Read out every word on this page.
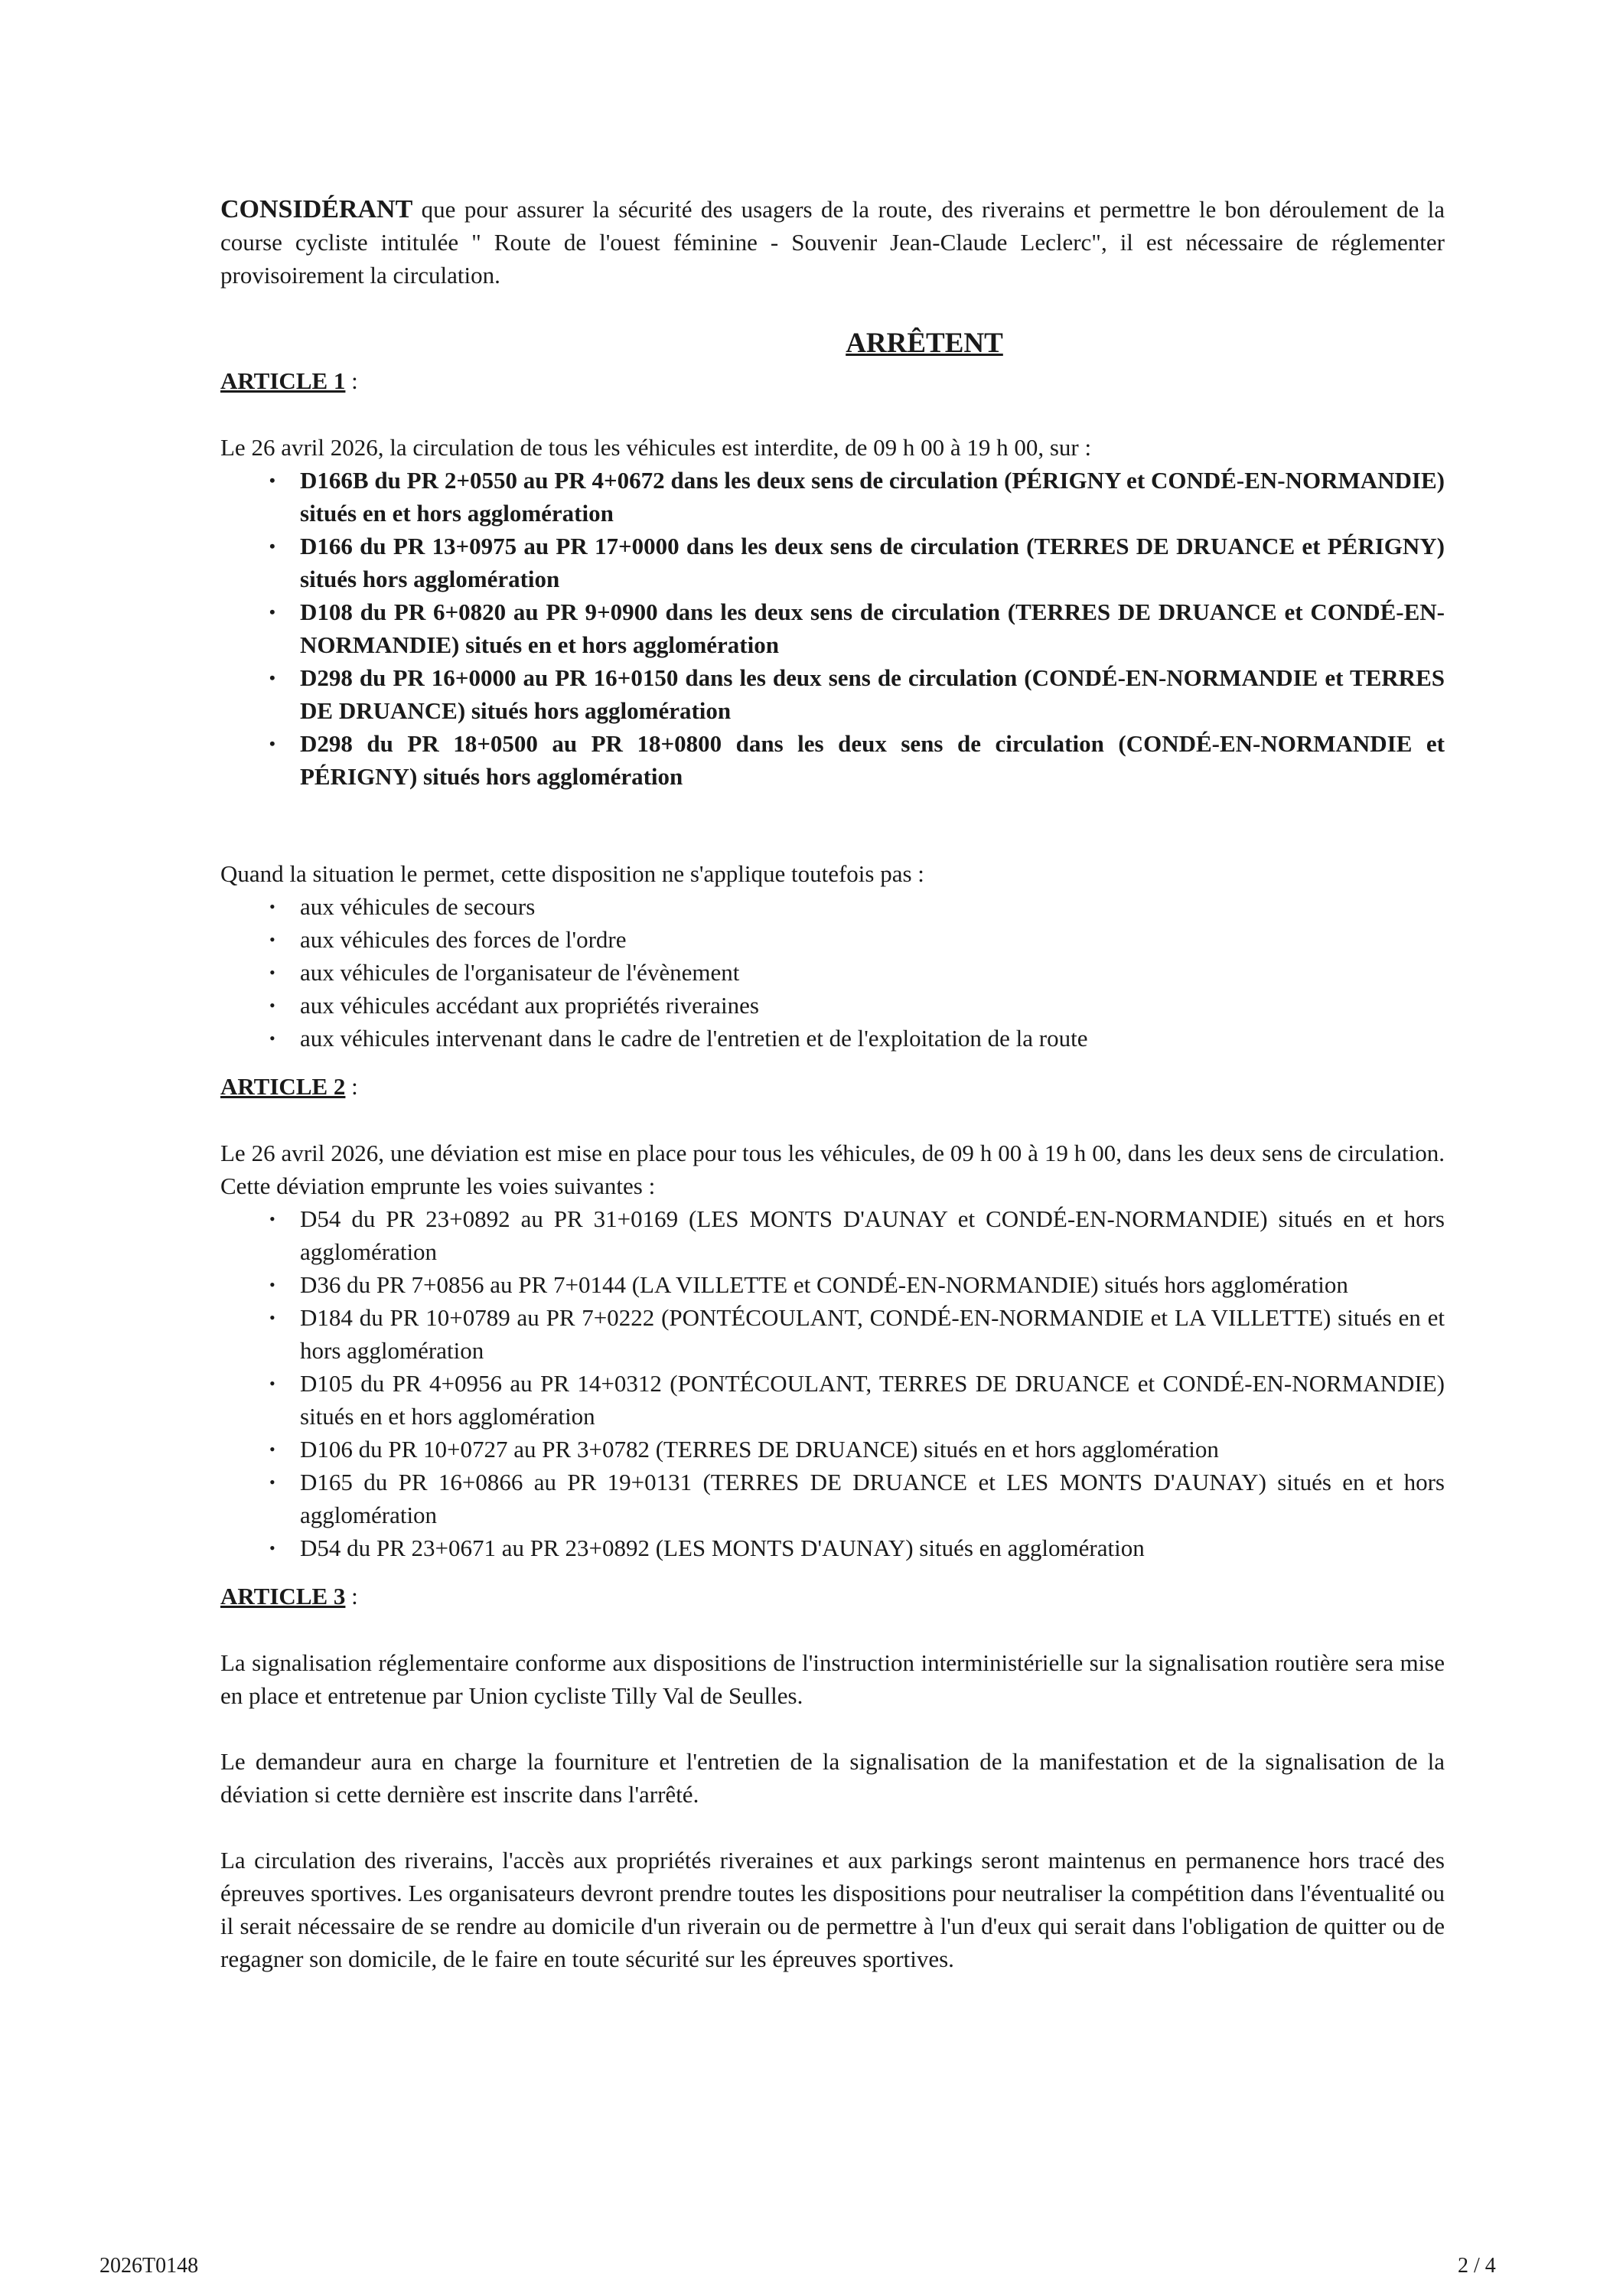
CONSIDÉRANT que pour assurer la sécurité des usagers de la route, des riverains et permettre le bon déroulement de la course cycliste intitulée " Route de l'ouest féminine - Souvenir Jean-Claude Leclerc", il est nécessaire de réglementer provisoirement la circulation.

ARRÊTENT
ARTICLE 1 :

Le 26 avril 2026, la circulation de tous les véhicules est interdite, de 09 h 00 à 19 h 00, sur :

• D166B du PR 2+0550 au PR 4+0672 dans les deux sens de circulation (PÉRIGNY et CONDÉ-EN-NORMANDIE) situés en et hors agglomération
• D166 du PR 13+0975 au PR 17+0000 dans les deux sens de circulation (TERRES DE DRUANCE et PÉRIGNY) situés hors agglomération
• D108 du PR 6+0820 au PR 9+0900 dans les deux sens de circulation (TERRES DE DRUANCE et CONDÉ-EN-NORMANDIE) situés en et hors agglomération
• D298 du PR 16+0000 au PR 16+0150 dans les deux sens de circulation (CONDÉ-EN-NORMANDIE et TERRES DE DRUANCE) situés hors agglomération
• D298 du PR 18+0500 au PR 18+0800 dans les deux sens de circulation (CONDÉ-EN-NORMANDIE et PÉRIGNY) situés hors agglomération

Quand la situation le permet, cette disposition ne s'applique toutefois pas :

• aux véhicules de secours
• aux véhicules des forces de l'ordre
• aux véhicules de l'organisateur de l'évènement
• aux véhicules accédant aux propriétés riveraines
• aux véhicules intervenant dans le cadre de l'entretien et de l'exploitation de la route
ARTICLE 2 :

Le 26 avril 2026, une déviation est mise en place pour tous les véhicules, de 09 h 00 à 19 h 00, dans les deux sens de circulation. Cette déviation emprunte les voies suivantes :

• D54 du PR 23+0892 au PR 31+0169 (LES MONTS D'AUNAY et CONDÉ-EN-NORMANDIE) situés en et hors agglomération
• D36 du PR 7+0856 au PR 7+0144 (LA VILLETTE et CONDÉ-EN-NORMANDIE) situés hors agglomération
• D184 du PR 10+0789 au PR 7+0222 (PONTÉCOULANT, CONDÉ-EN-NORMANDIE et LA VILLETTE) situés en et hors agglomération
• D105 du PR 4+0956 au PR 14+0312 (PONTÉCOULANT, TERRES DE DRUANCE et CONDÉ-EN-NORMANDIE) situés en et hors agglomération
• D106 du PR 10+0727 au PR 3+0782 (TERRES DE DRUANCE) situés en et hors agglomération
• D165 du PR 16+0866 au PR 19+0131 (TERRES DE DRUANCE et LES MONTS D'AUNAY) situés en et hors agglomération
• D54 du PR 23+0671 au PR 23+0892 (LES MONTS D'AUNAY) situés en agglomération
ARTICLE 3 :

La signalisation réglementaire conforme aux dispositions de l'instruction interministérielle sur la signalisation routière sera mise en place et entretenue par Union cycliste Tilly Val de Seulles.

Le demandeur aura en charge la fourniture et l'entretien de la signalisation de la manifestation et de la signalisation de la déviation si cette dernière est inscrite dans l'arrêté.

La circulation des riverains, l'accès aux propriétés riveraines et aux parkings seront maintenus en permanence hors tracé des épreuves sportives. Les organisateurs devront prendre toutes les dispositions pour neutraliser la compétition dans l'éventualité ou il serait nécessaire de se rendre au domicile d'un riverain ou de permettre à l'un d'eux qui serait dans l'obligation de quitter ou de regagner son domicile, de le faire en toute sécurité sur les épreuves sportives.

2026T0148	2 / 4
